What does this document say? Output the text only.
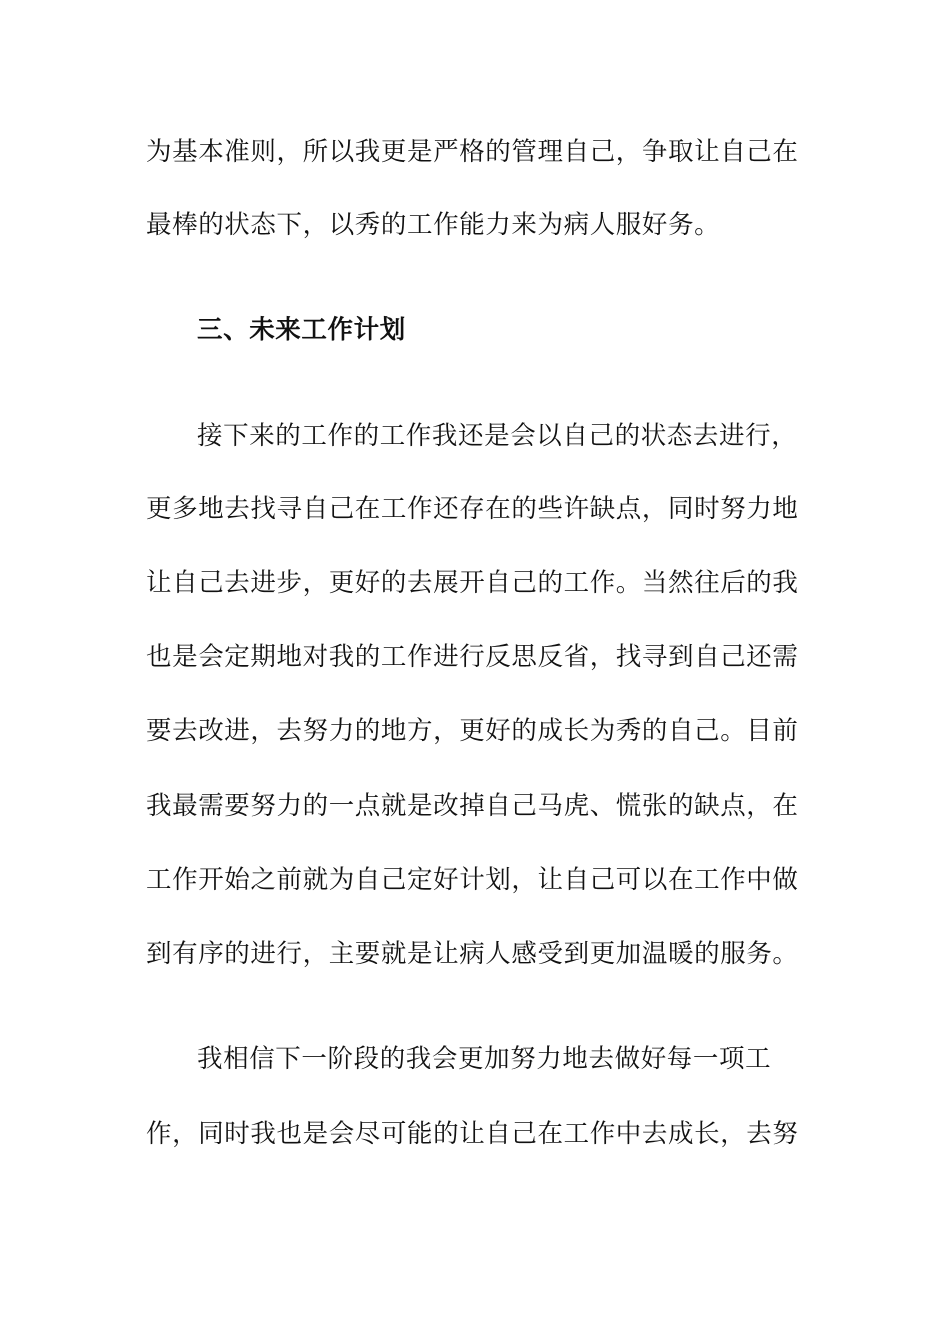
为基本准则，所以我更是严格的管理自己，争取让自己在
最棒的状态下，以秀的工作能力来为病人服好务。
三、未来工作计划
接下来的工作的工作我还是会以自己的状态去进行，
更多地去找寻自己在工作还存在的些许缺点，同时努力地
让自己去进步，更好的去展开自己的工作。当然往后的我
也是会定期地对我的工作进行反思反省，找寻到自己还需
要去改进，去努力的地方，更好的成长为秀的自己。目前
我最需要努力的一点就是改掉自己马虎、慌张的缺点，在
工作开始之前就为自己定好计划，让自己可以在工作中做
到有序的进行，主要就是让病人感受到更加温暖的服务。
我相信下一阶段的我会更加努力地去做好每一项工
作，同时我也是会尽可能的让自己在工作中去成长，去努
